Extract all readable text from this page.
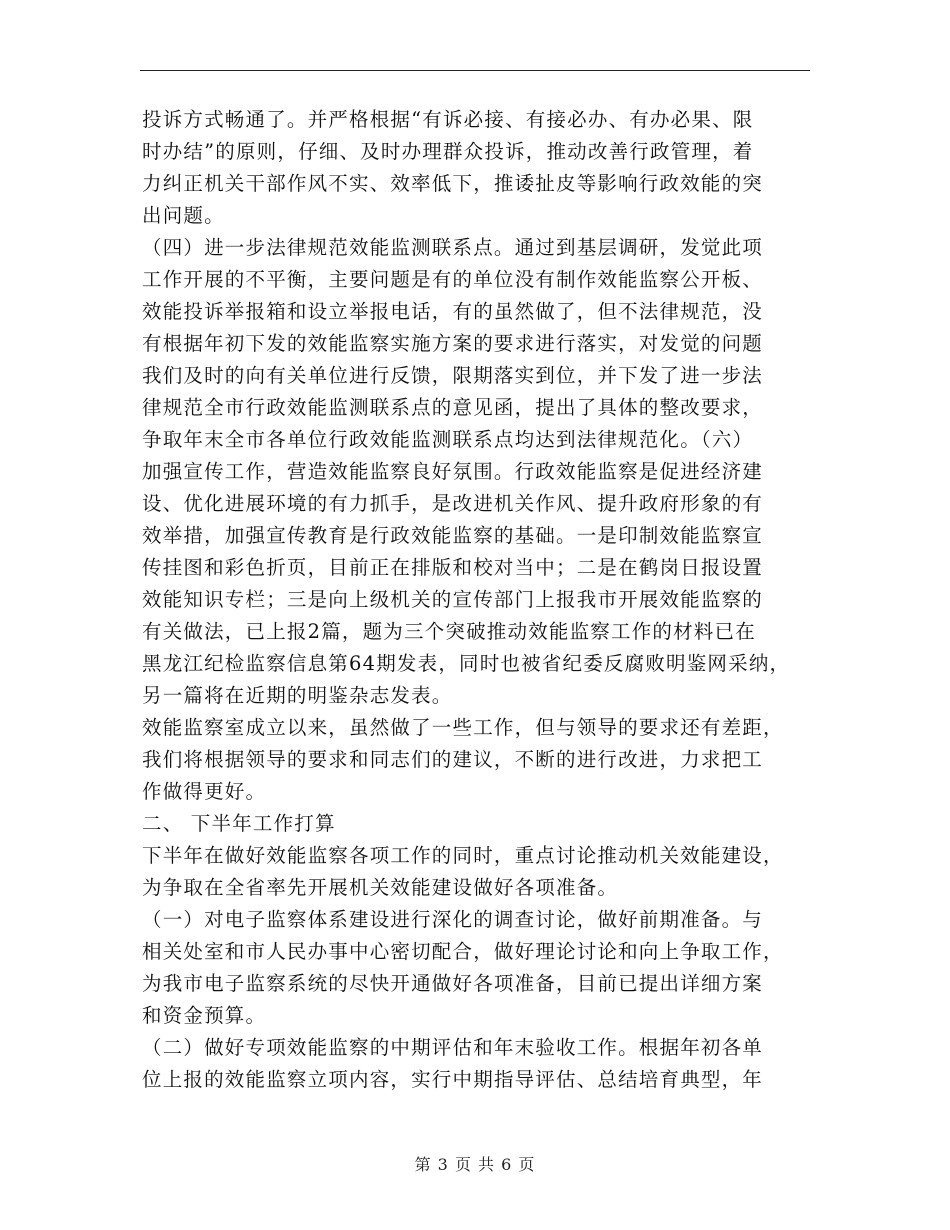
投诉方式畅通了。并严格根据“有诉必接、有接必办、有办必果、限
时办结”的原则，仔细、及时办理群众投诉，推动改善行政管理，着
力纠正机关干部作风不实、效率低下，推诿扯皮等影响行政效能的突
出问题。
（四）进一步法律规范效能监测联系点。通过到基层调研，发觉此项
工作开展的不平衡，主要问题是有的单位没有制作效能监察公开板、
效能投诉举报箱和设立举报电话，有的虽然做了，但不法律规范，没
有根据年初下发的效能监察实施方案的要求进行落实，对发觉的问题
我们及时的向有关单位进行反馈，限期落实到位，并下发了进一步法
律规范全市行政效能监测联系点的意见函，提出了具体的整改要求，
争取年末全市各单位行政效能监测联系点均达到法律规范化。（六）
加强宣传工作，营造效能监察良好氛围。行政效能监察是促进经济建
设、优化进展环境的有力抓手，是改进机关作风、提升政府形象的有
效举措，加强宣传教育是行政效能监察的基础。一是印制效能监察宣
传挂图和彩色折页，目前正在排版和校对当中；二是在鹤岗日报设置
效能知识专栏；三是向上级机关的宣传部门上报我市开展效能监察的
有关做法，已上报2篇，题为三个突破推动效能监察工作的材料已在
黑龙江纪检监察信息第64期发表，同时也被省纪委反腐败明鉴网采纳，
另一篇将在近期的明鉴杂志发表。
效能监察室成立以来，虽然做了一些工作，但与领导的要求还有差距，
我们将根据领导的要求和同志们的建议，不断的进行改进，力求把工
作做得更好。
二、 下半年工作打算
下半年在做好效能监察各项工作的同时，重点讨论推动机关效能建设，
为争取在全省率先开展机关效能建设做好各项准备。
（一）对电子监察体系建设进行深化的调查讨论，做好前期准备。与
相关处室和市人民办事中心密切配合，做好理论讨论和向上争取工作，
为我市电子监察系统的尽快开通做好各项准备，目前已提出详细方案
和资金预算。
（二）做好专项效能监察的中期评估和年末验收工作。根据年初各单
位上报的效能监察立项内容，实行中期指导评估、总结培育典型，年
第 3 页 共 6 页
